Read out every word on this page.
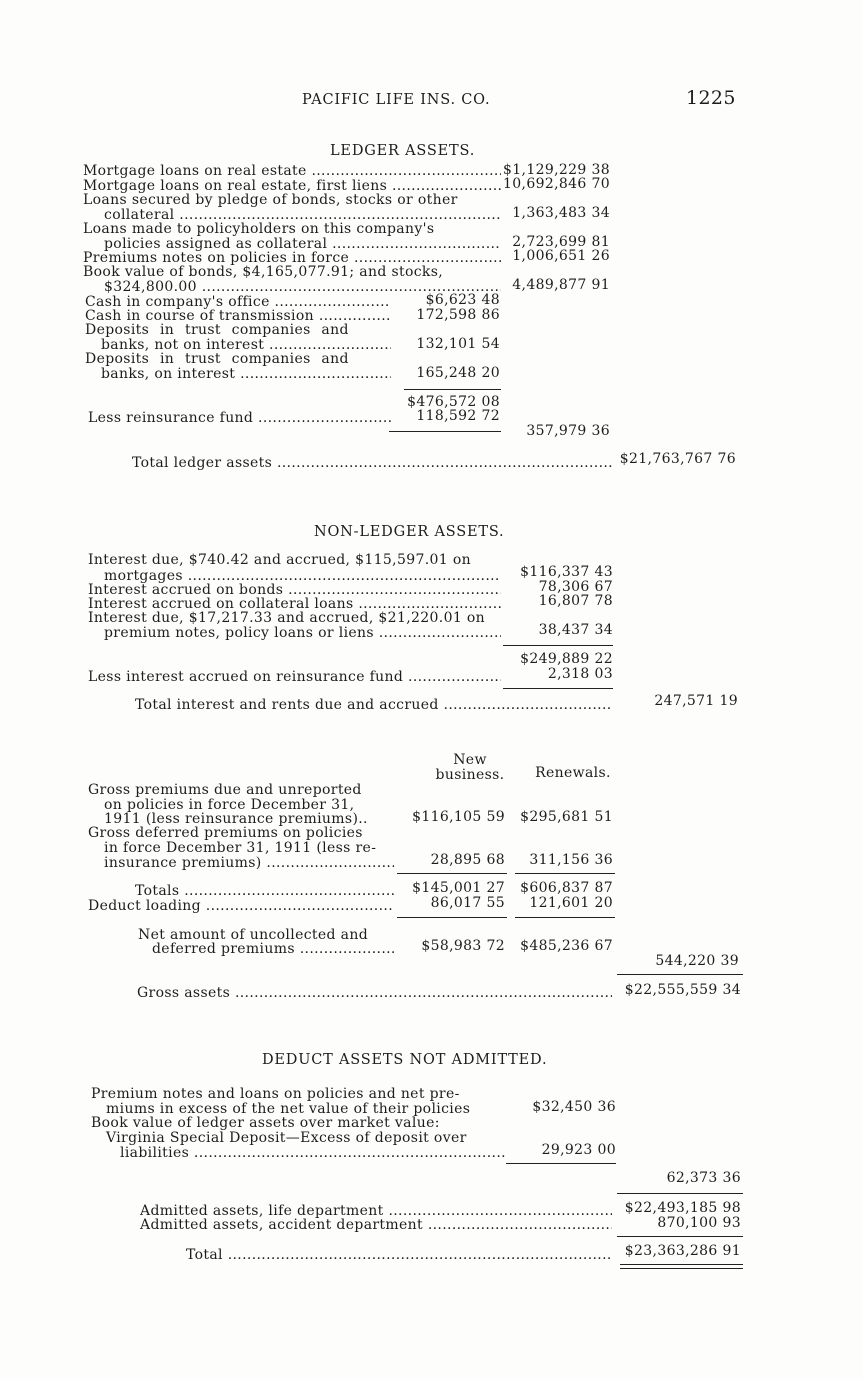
PACIFIC LIFE INS. CO.	1225
LEDGER ASSETS.
Mortgage loans on real estate .....	$1,129,229 38
Mortgage loans on real estate, first liens .....	10,692,846 70
Loans secured by pledge of bonds, stocks or other
collateral .....	1,363,483 34
Loans made to policyholders on this company's
policies assigned as collateral .....	2,723,699 81
Premiums notes on policies in force .....	1,006,651 26
Book value of bonds, $4,165,077.91; and stocks,
$324,800.00 .....	4,489,877 91
Cash in company's office .....	$6,623 48
Cash in course of transmission .....	172,598 86
Deposits in trust companies and
banks, not on interest .....	132,101 54
Deposits in trust companies and
banks, on interest .....	165,248 20
$476,572 08
Less reinsurance fund .....	118,592 72
357,979 36
Total ledger assets .....	$21,763,767 76
NON-LEDGER ASSETS.
Interest due, $740.42 and accrued, $115,597.01 on
mortgages .....	$116,337 43
Interest accrued on bonds .....	78,306 67
Interest accrued on collateral loans .....	16,807 78
Interest due, $17,217.33 and accrued, $21,220.01 on
premium notes, policy loans or liens .....	38,437 34
$249,889 22
Less interest accrued on reinsurance fund .....	2,318 03
Total interest and rents due and accrued .....	247,571 19
New
business.	Renewals.
Gross premiums due and unreported
on policies in force December 31,
1911 (less reinsurance premiums)..	$116,105 59 $295,681 51
Gross deferred premiums on policies
in force December 31, 1911 (less re-
insurance premiums) .....	28,895 68 311,156 36
Totals .....	$145,001 27 $606,837 87
Deduct loading .....	86,017 55 121,601 20
Net amount of uncollected and
deferred premiums .....	$58,983 72 $485,236 67
544,220 39
Gross assets .....	$22,555,559 34
DEDUCT ASSETS NOT ADMITTED.
Premium notes and loans on policies and net pre-
miums in excess of the net value of their policies	$32,450 36
Book value of ledger assets over market value:
Virginia Special Deposit—Excess of deposit over
liabilities .....	29,923 00
62,373 36
Admitted assets, life department .....	$22,493,185 98
Admitted assets, accident department .....	870,100 93
Total .....	$23,363,286 91
